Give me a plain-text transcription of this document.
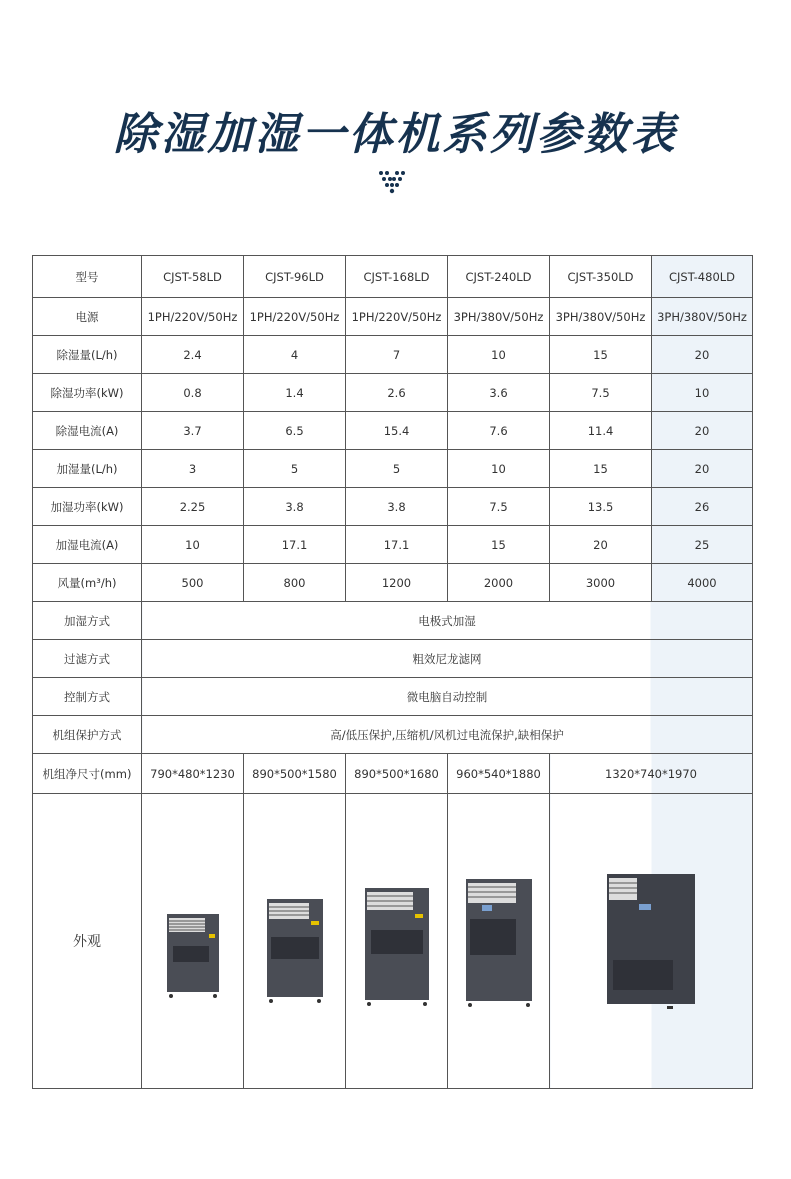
除湿加湿一体机系列参数表
型号	CJST-58LD	CJST-96LD	CJST-168LD	CJST-240LD	CJST-350LD	CJST-480LD
电源	1PH/220V/50Hz	1PH/220V/50Hz	1PH/220V/50Hz	3PH/380V/50Hz	3PH/380V/50Hz	3PH/380V/50Hz
除湿量(L/h)	2.4	4	7	10	15	20
除湿功率(kW)	0.8	1.4	2.6	3.6	7.5	10
除湿电流(A)	3.7	6.5	15.4	7.6	11.4	20
加湿量(L/h)	3	5	5	10	15	20
加湿功率(kW)	2.25	3.8	3.8	7.5	13.5	26
加湿电流(A)	10	17.1	17.1	15	20	25
风量(m³/h)	500	800	1200	2000	3000	4000
加湿方式	电极式加湿					
过滤方式	粗效尼龙滤网					
控制方式	微电脑自动控制					
机组保护方式	高/低压保护,压缩机/风机过电流保护,缺相保护					
机组净尺寸(mm)	790*480*1230	890*500*1580	890*500*1680	960*540*1880	1320*740*1970	
外观					
